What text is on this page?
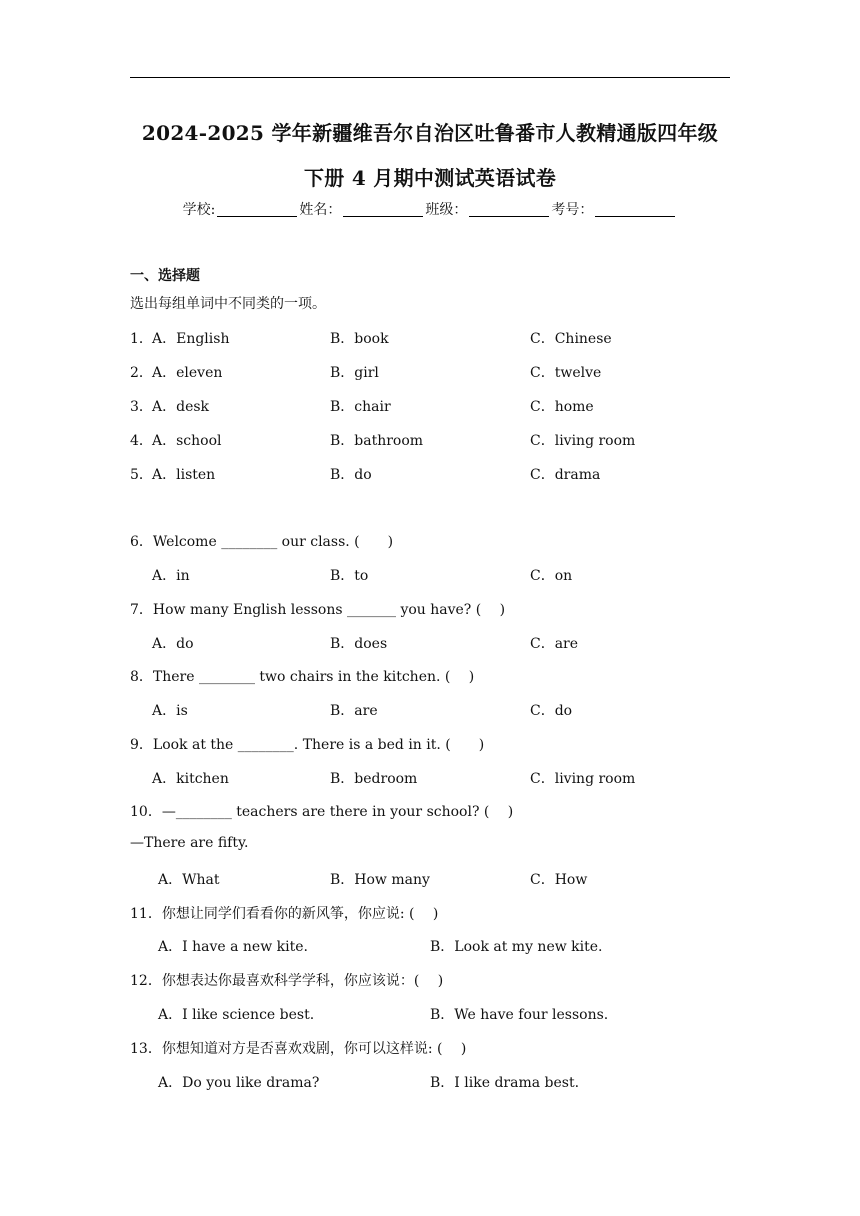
2024-2025 学年新疆维吾尔自治区吐鲁番市人教精通版四年级
下册 4 月期中测试英语试卷
学校:	姓名：	班级：	考号：
一、选择题
选出每组单词中不同类的一项。
1． A．English	B．book	C．Chinese
2． A．eleven	B．girl	C．twelve
3． A．desk	B．chair	C．home
4． A．school	B．bathroom	C．living room
5． A．listen	B．do	C．drama
6．Welcome ________ our class. (　　)
A．in	B．to	C．on
7．How many English lessons _______ you have? (　 )
A．do	B．does	C．are
8．There ________ two chairs in the kitchen. (　 )
A．is	B．are	C．do
9．Look at the ________. There is a bed in it. (　　)
A．kitchen	B．bedroom	C．living room
10．—________ teachers are there in your school? (　 )
—There are fifty.
A．What	B．How many	C．How
11．你想让同学们看看你的新风筝，你应说: (　 )
A．I have a new kite.	B．Look at my new kite.
12．你想表达你最喜欢科学学科，你应该说：(　 )
A．I like science best.	B．We have four lessons.
13．你想知道对方是否喜欢戏剧，你可以这样说: (　 )
A．Do you like drama?	B．I like drama best.
